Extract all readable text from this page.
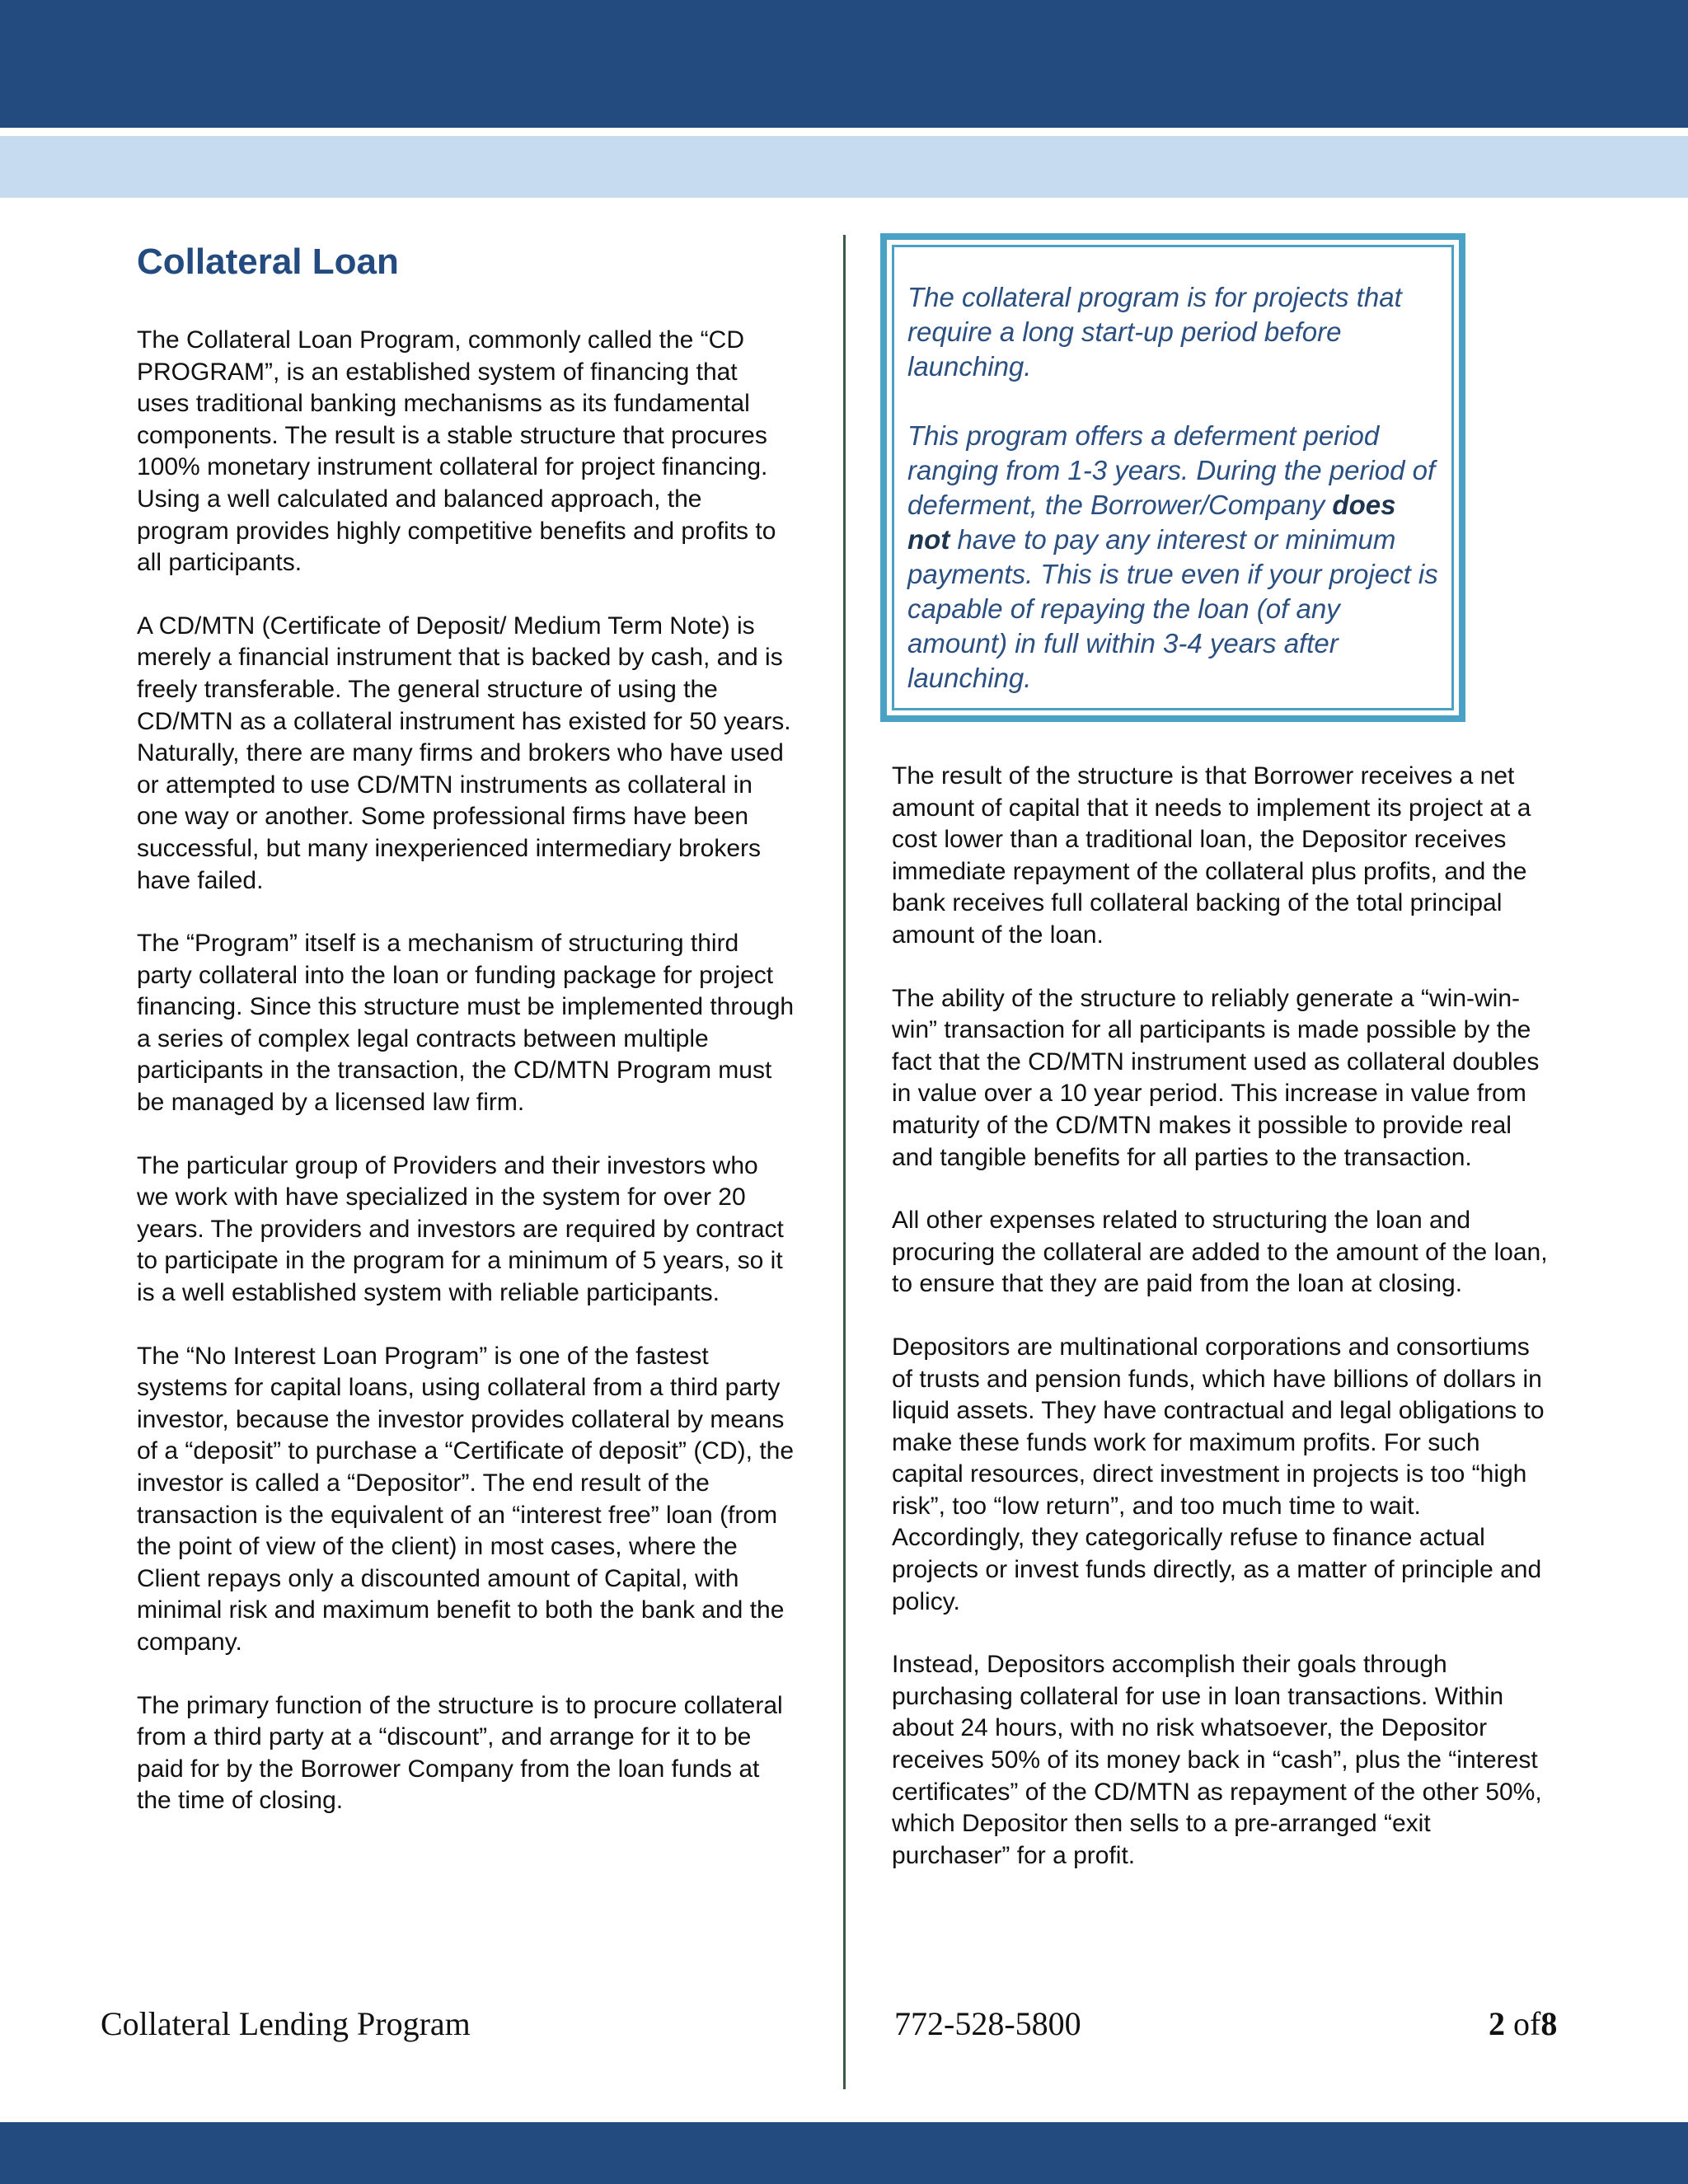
Collateral Loan

The Collateral Loan Program, commonly called the “CD PROGRAM”, is an established system of financing that uses traditional banking mechanisms as its fundamental components. The result is a stable structure that procures 100% monetary instrument collateral for project financing. Using a well calculated and balanced approach, the program provides highly competitive benefits and profits to all participants.

A CD/MTN (Certificate of Deposit/ Medium Term Note) is merely a financial instrument that is backed by cash, and is freely transferable. The general structure of using the CD/MTN as a collateral instrument has existed for 50 years. Naturally, there are many firms and brokers who have used or attempted to use CD/MTN instruments as collateral in one way or another. Some professional firms have been successful, but many inexperienced intermediary brokers have failed.

The “Program” itself is a mechanism of structuring third party collateral into the loan or funding package for project financing. Since this structure must be implemented through a series of complex legal contracts between multiple participants in the transaction, the CD/MTN Program must be managed by a licensed law firm.

The particular group of Providers and their investors who we work with have specialized in the system for over 20 years. The providers and investors are required by contract to participate in the program for a minimum of 5 years, so it is a well established system with reliable participants.

The “No Interest Loan Program” is one of the fastest systems for capital loans, using collateral from a third party investor, because the investor provides collateral by means of a “deposit” to purchase a “Certificate of deposit” (CD), the investor is called a “Depositor”. The end result of the transaction is the equivalent of an “interest free” loan (from the point of view of the client) in most cases, where the Client repays only a discounted amount of Capital, with minimal risk and maximum benefit to both the bank and the company.

The primary function of the structure is to procure collateral from a third party at a “discount”, and arrange for it to be paid for by the Borrower Company from the loan funds at the time of closing.

The collateral program is for projects that require a long start-up period before launching.

This program offers a deferment period ranging from 1-3 years. During the period of deferment, the Borrower/Company does not have to pay any interest or minimum payments. This is true even if your project is capable of repaying the loan (of any amount) in full within 3-4 years after launching.

The result of the structure is that Borrower receives a net amount of capital that it needs to implement its project at a cost lower than a traditional loan, the Depositor receives immediate repayment of the collateral plus profits, and the bank receives full collateral backing of the total principal amount of the loan.

The ability of the structure to reliably generate a “win-win-win” transaction for all participants is made possible by the fact that the CD/MTN instrument used as collateral doubles in value over a 10 year period. This increase in value from maturity of the CD/MTN makes it possible to provide real and tangible benefits for all parties to the transaction.

All other expenses related to structuring the loan and procuring the collateral are added to the amount of the loan, to ensure that they are paid from the loan at closing.

Depositors are multinational corporations and consortiums of trusts and pension funds, which have billions of dollars in liquid assets. They have contractual and legal obligations to make these funds work for maximum profits. For such capital resources, direct investment in projects is too “high risk”, too “low return”, and too much time to wait. Accordingly, they categorically refuse to finance actual projects or invest funds directly, as a matter of principle and policy.

Instead, Depositors accomplish their goals through purchasing collateral for use in loan transactions. Within about 24 hours, with no risk whatsoever, the Depositor receives 50% of its money back in “cash”, plus the “interest certificates” of the CD/MTN as repayment of the other 50%, which Depositor then sells to a pre-arranged “exit purchaser” for a profit.

Collateral Lending Program	772-528-5800	2 of8
